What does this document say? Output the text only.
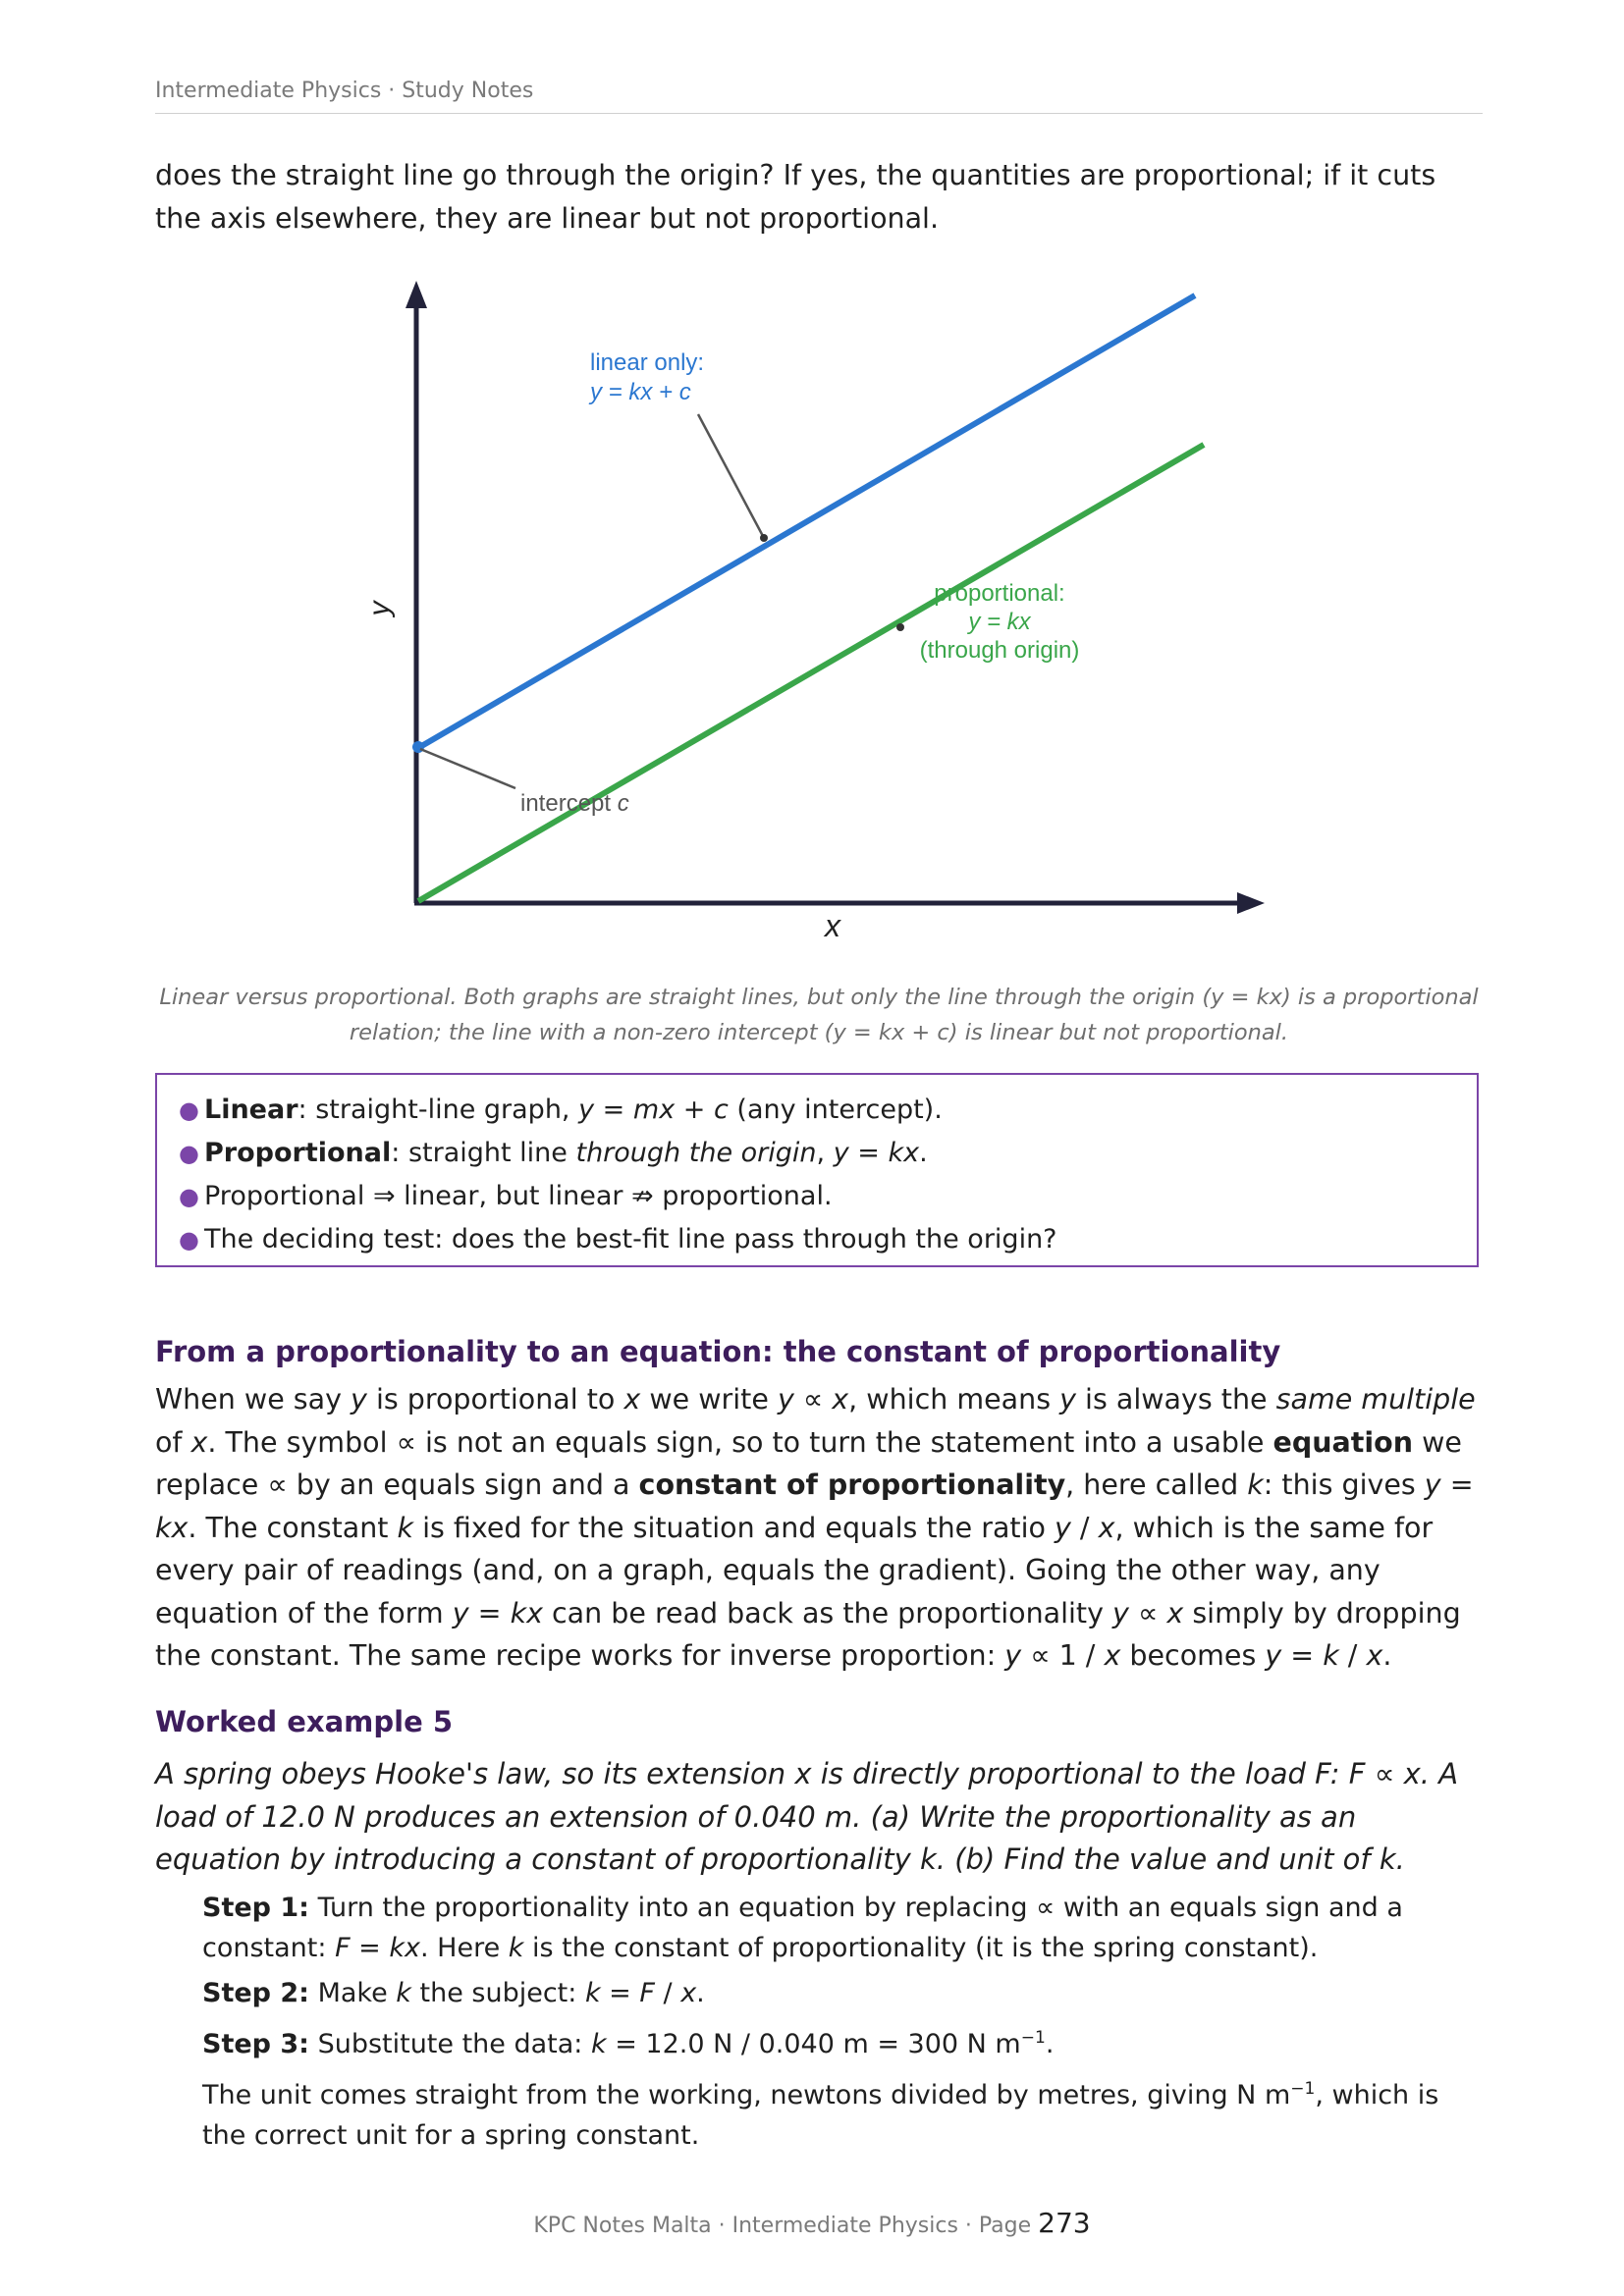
Intermediate Physics · Study Notes
does the straight line go through the origin? If yes, the quantities are proportional; if it cuts the axis elsewhere, they are linear but not proportional.
linear only:
y = kx + c
proportional:
y = kx
(through origin)
intercept c
y
x
Linear versus proportional. Both graphs are straight lines, but only the line through the origin (y = kx) is a proportional relation; the line with a non-zero intercept (y = kx + c) is linear but not proportional.
● Linear: straight-line graph, y = mx + c (any intercept).
● Proportional: straight line through the origin, y = kx.
● Proportional ⇒ linear, but linear ⇏ proportional.
● The deciding test: does the best-fit line pass through the origin?
From a proportionality to an equation: the constant of proportionality
When we say y is proportional to x we write y ∝ x, which means y is always the same multiple of x. The symbol ∝ is not an equals sign, so to turn the statement into a usable equation we replace ∝ by an equals sign and a constant of proportionality, here called k: this gives y = kx. The constant k is fixed for the situation and equals the ratio y / x, which is the same for every pair of readings (and, on a graph, equals the gradient). Going the other way, any equation of the form y = kx can be read back as the proportionality y ∝ x simply by dropping the constant. The same recipe works for inverse proportion: y ∝ 1 / x becomes y = k / x.
Worked example 5
A spring obeys Hooke's law, so its extension x is directly proportional to the load F: F ∝ x. A load of 12.0 N produces an extension of 0.040 m. (a) Write the proportionality as an equation by introducing a constant of proportionality k. (b) Find the value and unit of k.

Step 1: Turn the proportionality into an equation by replacing ∝ with an equals sign and a constant: F = kx. Here k is the constant of proportionality (it is the spring constant).

Step 2: Make k the subject: k = F / x.

Step 3: Substitute the data: k = 12.0 N / 0.040 m = 300 N $m^{-1}$.

The unit comes straight from the working, newtons divided by metres, giving N $m^{-1}$, which is the correct unit for a spring constant.

KPC Notes Malta · Intermediate Physics · Page 273
